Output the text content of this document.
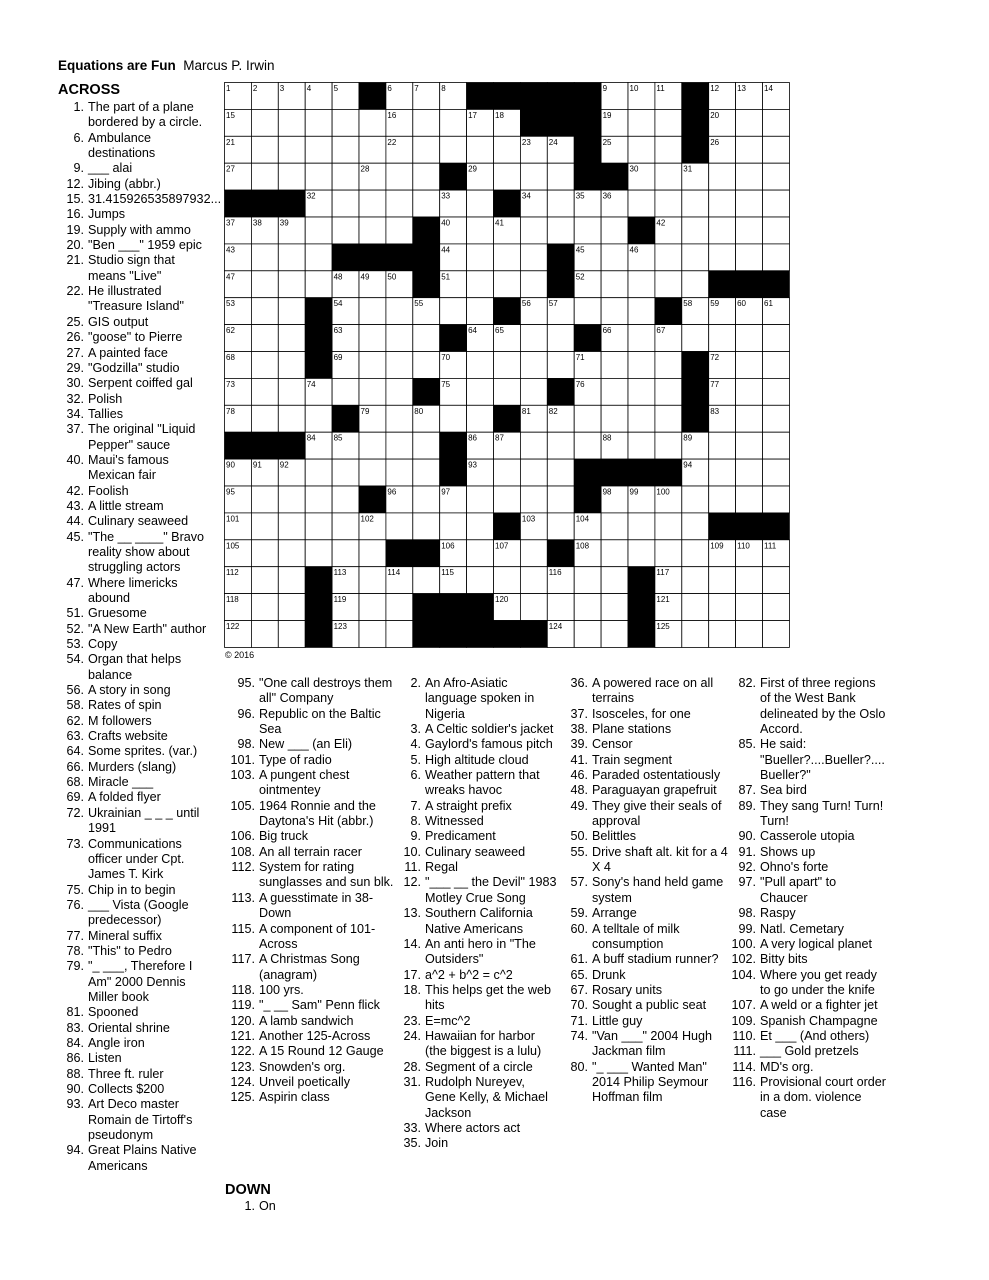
Equations are Fun Marcus P. Irwin
ACROSS
1. The part of a plane bordered by a circle.
6. Ambulance destinations
9. ___ alai
12. Jibing (abbr.)
15. 31.415926535897932...
16. Jumps
19. Supply with ammo
20. "Ben ___" 1959 epic
21. Studio sign that means "Live"
22. He illustrated "Treasure Island"
25. GIS output
26. "goose" to Pierre
27. A painted face
29. "Godzilla" studio
30. Serpent coiffed gal
32. Polish
34. Tallies
37. The original "Liquid Pepper" sauce
40. Maui's famous Mexican fair
42. Foolish
43. A little stream
44. Culinary seaweed
45. "The __ ____" Bravo reality show about struggling actors
47. Where limericks abound
51. Gruesome
52. "A New Earth" author
53. Copy
54. Organ that helps balance
56. A story in song
58. Rates of spin
62. M followers
63. Crafts website
64. Some sprites. (var.)
66. Murders (slang)
68. Miracle ___
69. A folded flyer
72. Ukrainian _ _ _ until 1991
73. Communications officer under Cpt. James T. Kirk
75. Chip in to begin
76. ___ Vista (Google predecessor)
77. Mineral suffix
78. "This" to Pedro
79. "_ ___, Therefore I Am" 2000 Dennis Miller book
81. Spooned
83. Oriental shrine
84. Angle iron
86. Listen
88. Three ft. ruler
90. Collects $200
93. Art Deco master Romain de Tirtoff's pseudonym
94. Great Plains Native Americans
1	2	3	4	5	6	7	8	9	10 11	12 13 14
15	16	17 18	19	20
21	22	23 24	25	26
27	28	29	30	31
32	33	34	35 36
37 38 39	40	41	42
43	44	45	46
47	48 49 50	51	52
53	54	55	56 57	58 59 60 61
62	63	64 65	66	67
68	69	70	71	72
73	74	75	76	77
78	79	80	81 82	83
84 85	86 87	88	89
90 91 92	93	94
95	96	97	98 99 100
101	102	103	104
105	106	107	108	109 110 111
112	113	114	115	116	117
118	119	120	121
122	123	124	125
© 2016
95. "One call destroys them all" Company
96. Republic on the Baltic Sea
98. New ___ (an Eli)
101. Type of radio
103. A pungent chest ointmentey
105. 1964 Ronnie and the Daytona's Hit (abbr.)
106. Big truck
108. An all terrain racer
112. System for rating sunglasses and sun blk.
113. A guesstimate in 38-Down
115. A component of 101-Across
117. A Christmas Song (anagram)
118. 100 yrs.
119. "_ __ Sam" Penn flick
120. A lamb sandwich
121. Another 125-Across
122. A 15 Round 12 Gauge
123. Snowden's org.
124. Unveil poetically
125. Aspirin class
DOWN
1. On
2. An Afro-Asiatic language spoken in Nigeria
3. A Celtic soldier's jacket
4. Gaylord's famous pitch
5. High altitude cloud
6. Weather pattern that wreaks havoc
7. A straight prefix
8. Witnessed
9. Predicament
10. Culinary seaweed
11. Regal
12. "___ __ the Devil" 1983 Motley Crue Song
13. Southern California Native Americans
14. An anti hero in "The Outsiders"
17. a^2 + b^2 = c^2
18. This helps get the web hits
23. E=mc^2
24. Hawaiian for harbor (the biggest is a lulu)
28. Segment of a circle
31. Rudolph Nureyev, Gene Kelly, & Michael Jackson
33. Where actors act
35. Join
36. A powered race on all terrains
37. Isosceles, for one
38. Plane stations
39. Censor
41. Train segment
46. Paraded ostentatiously
48. Paraguayan grapefruit
49. They give their seals of approval
50. Belittles
55. Drive shaft alt. kit for a 4 X 4
57. Sony's hand held game system
59. Arrange
60. A telltale of milk consumption
61. A buff stadium runner?
65. Drunk
67. Rosary units
70. Sought a public seat
71. Little guy
74. "Van ___" 2004 Hugh Jackman film
80. "_ ___ Wanted Man" 2014 Philip Seymour Hoffman film
82. First of three regions of the West Bank delineated by the Oslo Accord.
85. He said: "Bueller?....Bueller?.... Bueller?"
87. Sea bird
89. They sang Turn! Turn! Turn!
90. Casserole utopia
91. Shows up
92. Ohno's forte
97. "Pull apart" to Chaucer
98. Raspy
99. Natl. Cemetary
100. A very logical planet
102. Bitty bits
104. Where you get ready to go under the knife
107. A weld or a fighter jet
109. Spanish Champagne
110. Et ___ (And others)
111. ___ Gold pretzels
114. MD's org.
116. Provisional court order in a dom. violence case
